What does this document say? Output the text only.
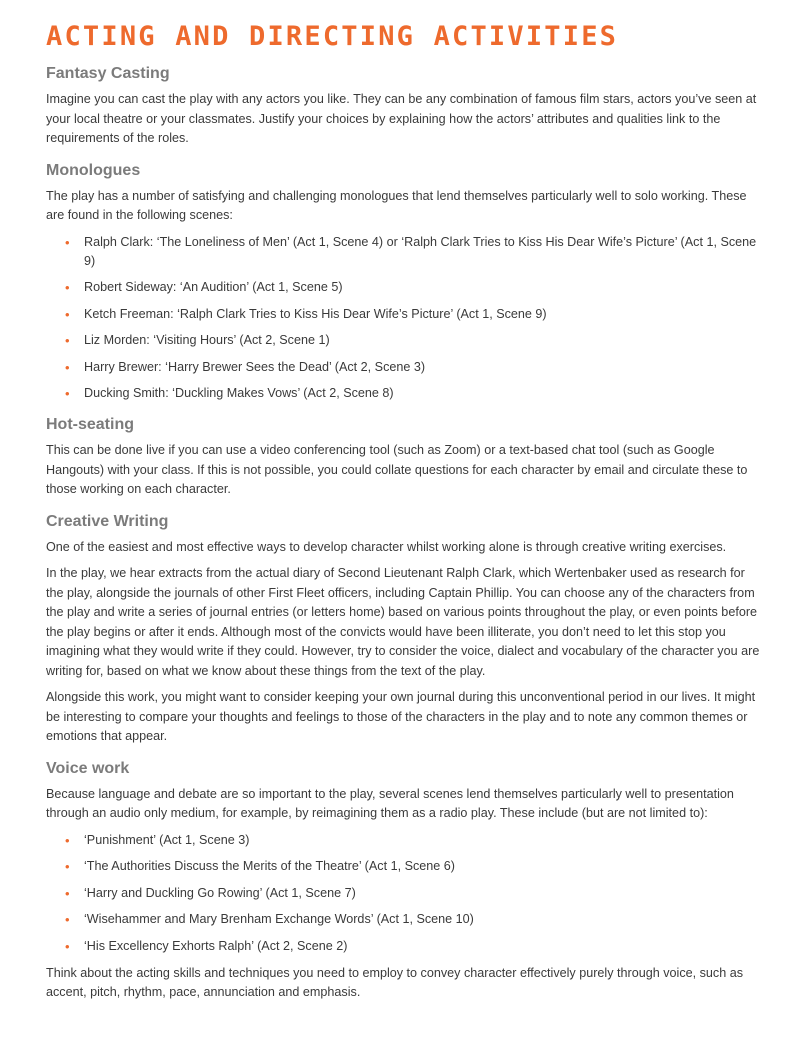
ACTING AND DIRECTING ACTIVITIES
Fantasy Casting

Imagine you can cast the play with any actors you like. They can be any combination of famous film stars, actors you’ve seen at your local theatre or your classmates. Justify your choices by explaining how the actors’ attributes and qualities link to the requirements of the roles.

Monologues

The play has a number of satisfying and challenging monologues that lend themselves particularly well to solo working. These are found in the following scenes:

• Ralph Clark: ‘The Loneliness of Men’ (Act 1, Scene 4) or ‘Ralph Clark Tries to Kiss His Dear Wife’s Picture’ (Act 1, Scene 9)
• Robert Sideway: ‘An Audition’ (Act 1, Scene 5)
• Ketch Freeman: ‘Ralph Clark Tries to Kiss His Dear Wife’s Picture’ (Act 1, Scene 9)
• Liz Morden: ‘Visiting Hours’ (Act 2, Scene 1)
• Harry Brewer: ‘Harry Brewer Sees the Dead’ (Act 2, Scene 3)
• Ducking Smith: ‘Duckling Makes Vows’ (Act 2, Scene 8)
Hot-seating

This can be done live if you can use a video conferencing tool (such as Zoom) or a text-based chat tool (such as Google Hangouts) with your class. If this is not possible, you could collate questions for each character by email and circulate these to those working on each character.

Creative Writing

One of the easiest and most effective ways to develop character whilst working alone is through creative writing exercises.

In the play, we hear extracts from the actual diary of Second Lieutenant Ralph Clark, which Wertenbaker used as research for the play, alongside the journals of other First Fleet officers, including Captain Phillip. You can choose any of the characters from the play and write a series of journal entries (or letters home) based on various points throughout the play, or even points before the play begins or after it ends. Although most of the convicts would have been illiterate, you don’t need to let this stop you imagining what they would write if they could. However, try to consider the voice, dialect and vocabulary of the character you are writing for, based on what we know about these things from the text of the play.

Alongside this work, you might want to consider keeping your own journal during this unconventional period in our lives. It might be interesting to compare your thoughts and feelings to those of the characters in the play and to note any common themes or emotions that appear.

Voice work

Because language and debate are so important to the play, several scenes lend themselves particularly well to presentation through an audio only medium, for example, by reimagining them as a radio play. These include (but are not limited to):

• ‘Punishment’ (Act 1, Scene 3)
• ‘The Authorities Discuss the Merits of the Theatre’ (Act 1, Scene 6)
• ‘Harry and Duckling Go Rowing’ (Act 1, Scene 7)
• ‘Wisehammer and Mary Brenham Exchange Words’ (Act 1, Scene 10)
• ‘His Excellency Exhorts Ralph’ (Act 2, Scene 2)

Think about the acting skills and techniques you need to employ to convey character effectively purely through voice, such as accent, pitch, rhythm, pace, annunciation and emphasis.
